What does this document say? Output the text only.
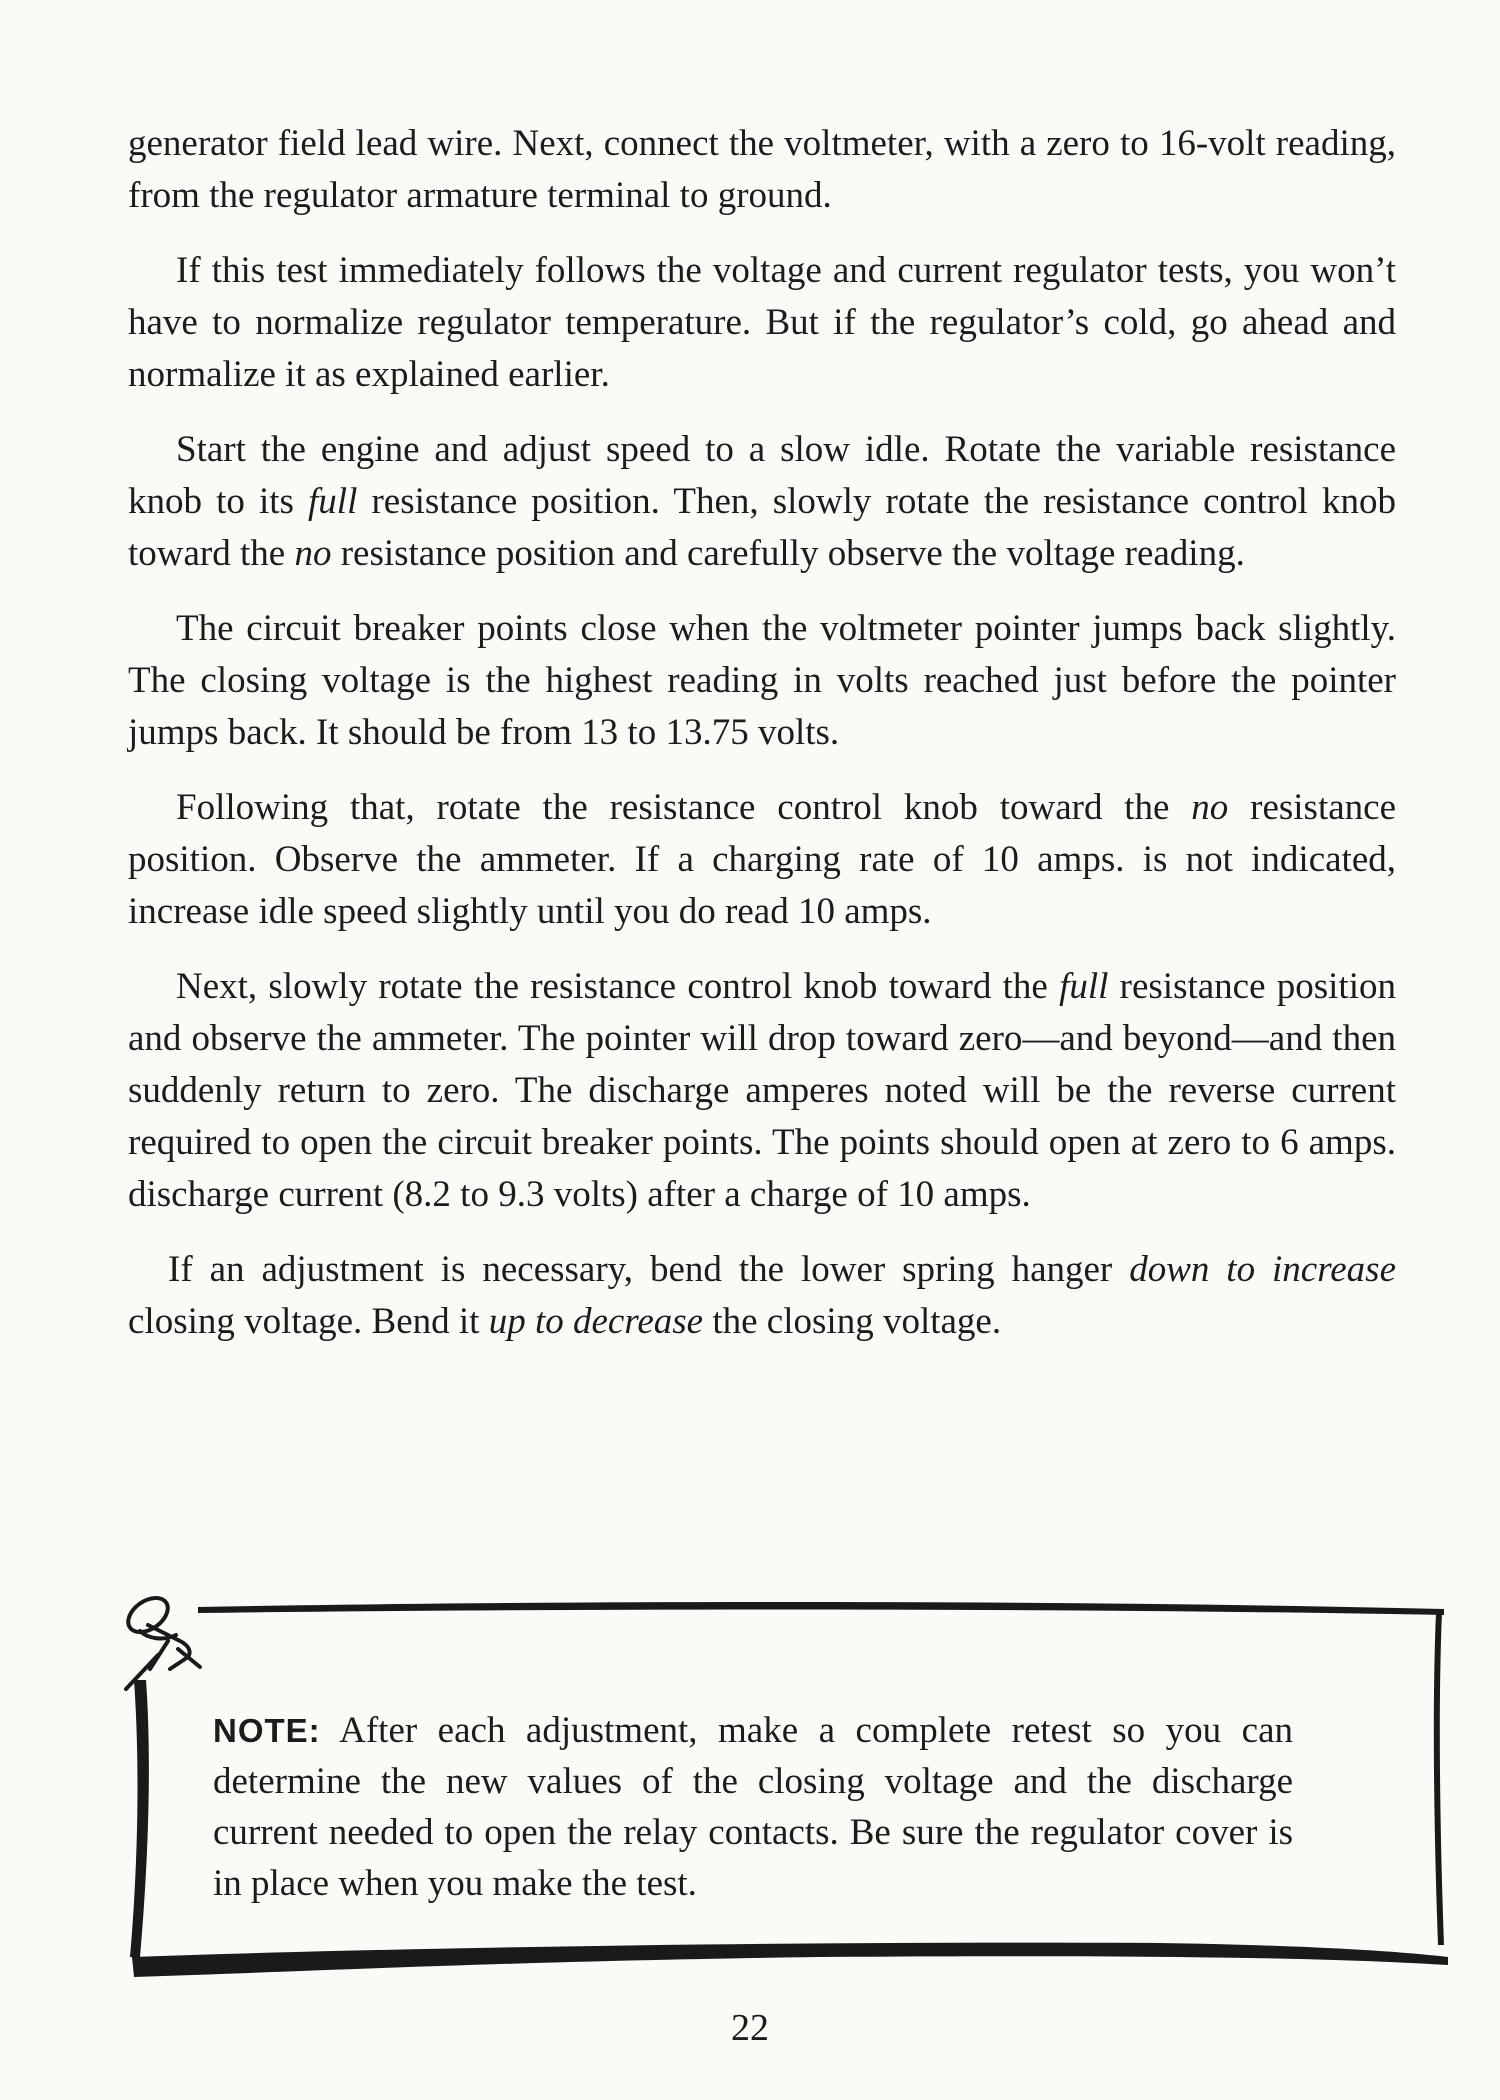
generator field lead wire. Next, connect the voltmeter, with a zero to 16-volt reading, from the regulator armature terminal to ground.

If this test immediately follows the voltage and current regulator tests, you won’t have to normalize regulator temperature. But if the regulator’s cold, go ahead and normalize it as explained earlier.

Start the engine and adjust speed to a slow idle. Rotate the variable resistance knob to its full resistance position. Then, slowly rotate the resistance control knob toward the no resistance position and carefully observe the voltage reading.

The circuit breaker points close when the voltmeter pointer jumps back slightly. The closing voltage is the highest reading in volts reached just before the pointer jumps back. It should be from 13 to 13.75 volts.

Following that, rotate the resistance control knob toward the no resistance position. Observe the ammeter. If a charging rate of 10 amps. is not indicated, increase idle speed slightly until you do read 10 amps.

Next, slowly rotate the resistance control knob toward the full resistance position and observe the ammeter. The pointer will drop toward zero—and beyond—and then suddenly return to zero. The discharge amperes noted will be the reverse current required to open the circuit breaker points. The points should open at zero to 6 amps. discharge current (8.2 to 9.3 volts) after a charge of 10 amps.

If an adjustment is necessary, bend the lower spring hanger down to increase closing voltage. Bend it up to decrease the closing voltage.

NOTE: After each adjustment, make a complete retest so you can determine the new values of the closing voltage and the discharge current needed to open the relay contacts. Be sure the regulator cover is in place when you make the test.

22
